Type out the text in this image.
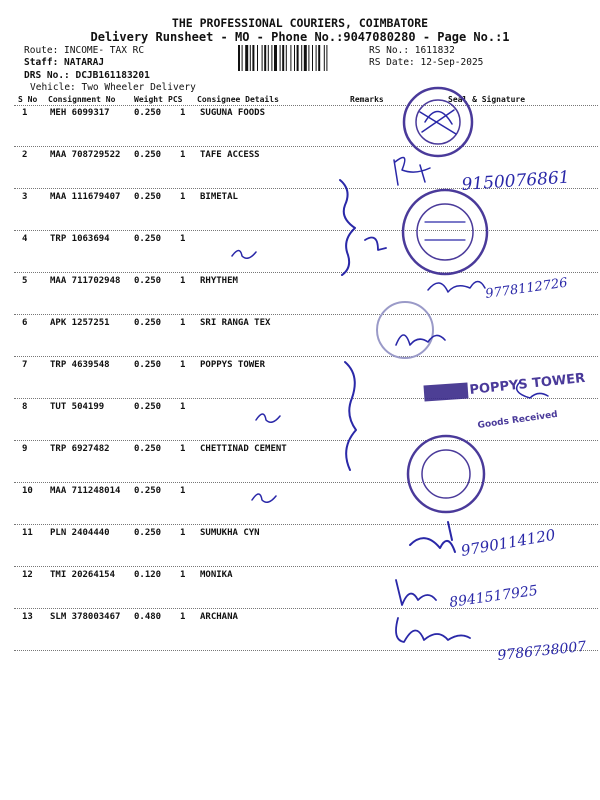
THE PROFESSIONAL COURIERS, COIMBATORE
Delivery Runsheet - MO - Phone No.:9047080280 - Page No.:1
Route: INCOME- TAX RC
Staff: NATARAJ
DRS No.: DCJB161183201
Vehicle: Two Wheeler Delivery
RS No.: 1611832
RS Date: 12-Sep-2025
S No Consignment No Weight PCS Consignee Details	Remarks	Seal & Signature
1	MEH 6099317	0.250 1 SUGUNA FOODS
2	MAA 708729522 0.250 1 TAFE ACCESS
3	MAA 111679407 0.250 1 BIMETAL
4	TRP 1063694	0.250 1
5	MAA 711702948 0.250 1 RHYTHEM
6	APK 1257251	0.250 1 SRI RANGA TEX
7	TRP 4639548	0.250 1 POPPYS TOWER
8	TUT 504199	0.250 1
9	TRP 6927482	0.250 1 CHETTINAD CEMENT
10 MAA 711248014 0.250 1
11 PLN 2404440	0.250 1 SUMUKHA CYN
12 TMI 20264154 0.120 1 MONIKA
13 SLM 378003467 0.480 1 ARCHANA
9150076861
9778112726
POPPYS TOWER
Goods Received
9790114120
8941517925
9786738007
